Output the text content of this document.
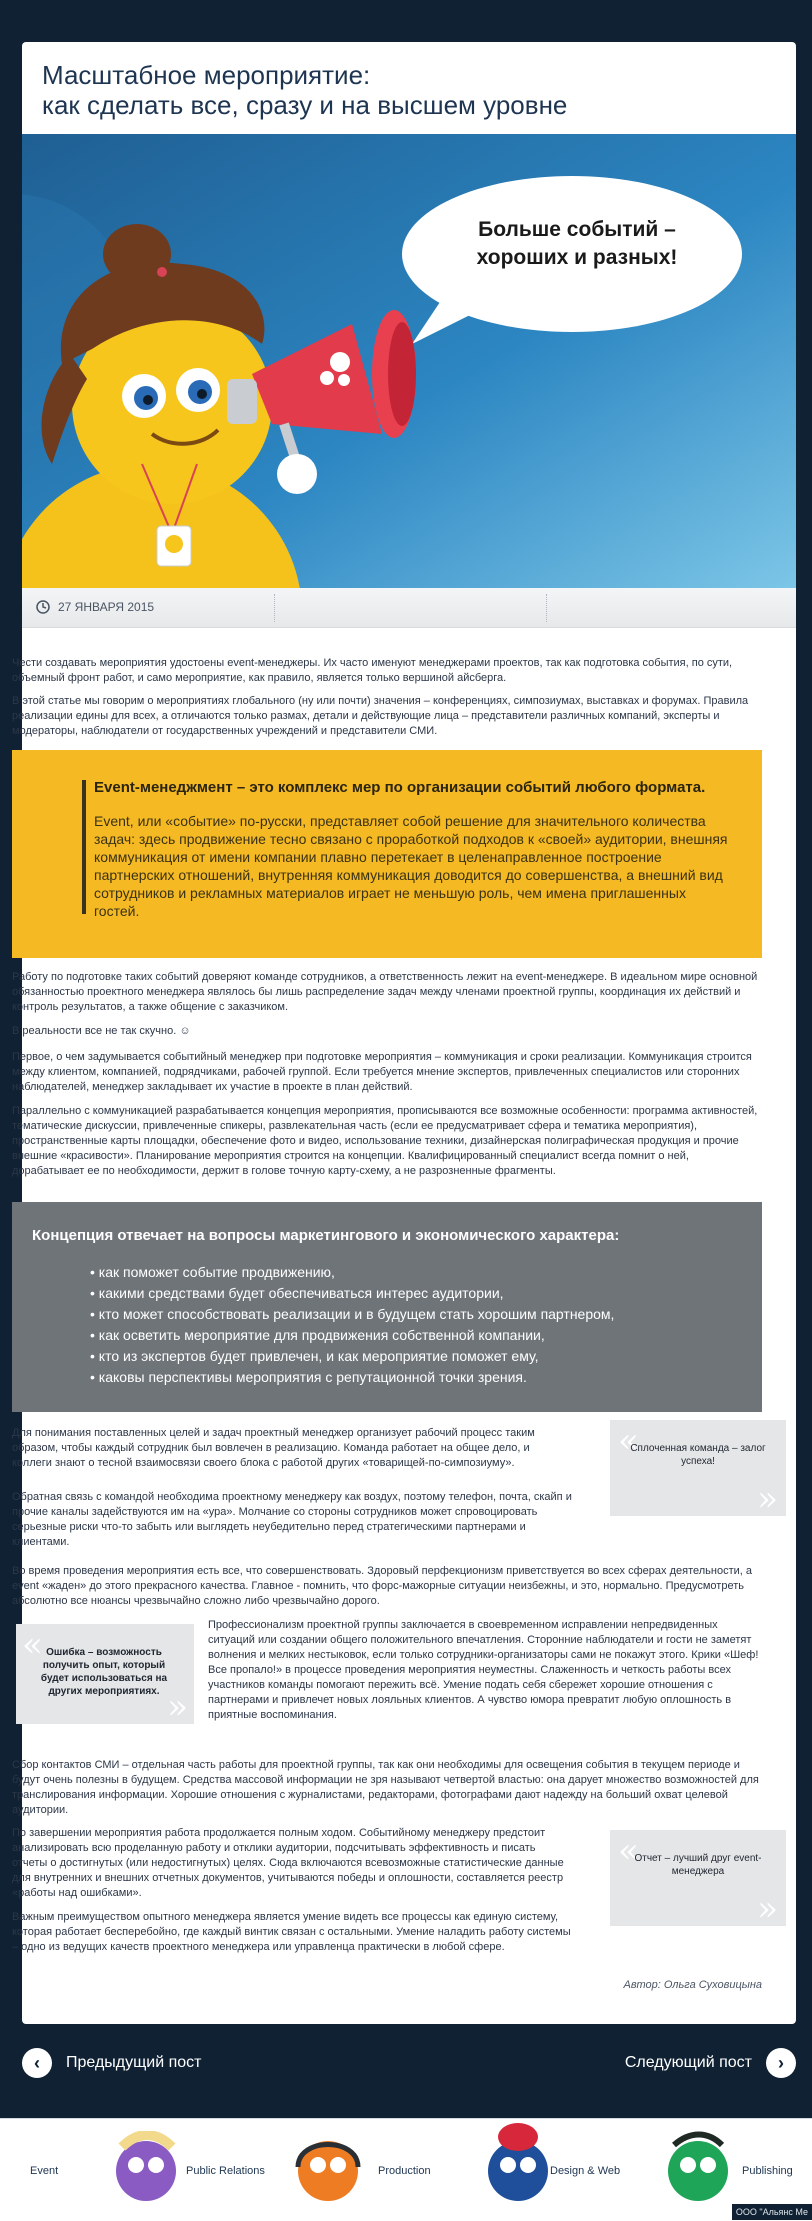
Масштабное мероприятие:
как сделать все, сразу и на высшем уровне
Больше событий –
хороших и разных!
27 ЯНВАРЯ 2015

Чести создавать мероприятия удостоены event-менеджеры. Их часто именуют менеджерами проектов, так как подготовка события, по сути, объемный фронт работ, и само мероприятие, как правило, является только вершиной айсберга.

В этой статье мы говорим о мероприятиях глобального (ну или почти) значения – конференциях, симпозиумах, выставках и форумах. Правила реализации едины для всех, а отличаются только размах, детали и действующие лица – представители различных компаний, эксперты и модераторы, наблюдатели от государственных учреждений и представители СМИ.

Event-менеджмент – это комплекс мер по организации событий любого формата.
Event, или «событие» по-русски, представляет собой решение для значительного количества задач: здесь продвижение тесно связано с проработкой подходов к «своей» аудитории, внешняя коммуникация от имени компании плавно перетекает в целенаправленное построение партнерских отношений, внутренняя коммуникация доводится до совершенства, а внешний вид сотрудников и рекламных материалов играет не меньшую роль, чем имена приглашенных гостей.

Работу по подготовке таких событий доверяют команде сотрудников, а ответственность лежит на event-менеджере. В идеальном мире основной обязанностью проектного менеджера являлось бы лишь распределение задач между членами проектной группы, координация их действий и контроль результатов, а также общение с заказчиком.

В реальности все не так скучно. ☺

Первое, о чем задумывается событийный менеджер при подготовке мероприятия – коммуникация и сроки реализации. Коммуникация строится между клиентом, компанией, подрядчиками, рабочей группой. Если требуется мнение экспертов, привлеченных специалистов или сторонних наблюдателей, менеджер закладывает их участие в проекте в план действий.

Параллельно с коммуникацией разрабатывается концепция мероприятия, прописываются все возможные особенности: программа активностей, тематические дискуссии, привлеченные спикеры, развлекательная часть (если ее предусматривает сфера и тематика мероприятия), пространственные карты площадки, обеспечение фото и видео, использование техники, дизайнерская полиграфическая продукция и прочие внешние «красивости». Планирование мероприятия строится на концепции. Квалифицированный специалист всегда помнит о ней, дорабатывает ее по необходимости, держит в голове точную карту-схему, а не разрозненные фрагменты.

Концепция отвечает на вопросы маркетингового и экономического характера:
• как поможет событие продвижению,
• какими средствами будет обеспечиваться интерес аудитории,
• кто может способствовать реализации и в будущем стать хорошим партнером,
• как осветить мероприятие для продвижения собственной компании,
• кто из экспертов будет привлечен, и как мероприятие поможет ему,
• каковы перспективы мероприятия с репутационной точки зрения.

Для понимания поставленных целей и задач проектный менеджер организует рабочий процесс таким образом, чтобы каждый сотрудник был вовлечен в реализацию. Команда работает на общее дело, и коллеги знают о тесной взаимосвязи своего блока с работой других «товарищей-по-симпозиуму».

«
Сплоченная команда – залог успеха!
»

Обратная связь с командой необходима проектному менеджеру как воздух, поэтому телефон, почта, скайп и прочие каналы задействуются им на «ура». Молчание со стороны сотрудников может спровоцировать серьезные риски что-то забыть или выглядеть неубедительно перед стратегическими партнерами и клиентами.

Во время проведения мероприятия есть все, что совершенствовать. Здоровый перфекционизм приветствуется во всех сферах деятельности, а event «жаден» до этого прекрасного качества. Главное - помнить, что форс-мажорные ситуации неизбежны, и это, нормально. Предусмотреть абсолютно все нюансы чрезвычайно сложно либо чрезвычайно дорого.

« Ошибка – возможность получить опыт, который будет использоваться на других мероприятиях. »

Профессионализм проектной группы заключается в своевременном исправлении непредвиденных ситуаций или создании общего положительного впечатления. Сторонние наблюдатели и гости не заметят волнения и мелких нестыковок, если только сотрудники-организаторы сами не покажут этого. Крики «Шеф! Все пропало!» в процессе проведения мероприятия неуместны. Слаженность и четкость работы всех участников команды помогают пережить всё. Умение подать себя сбережет хорошие отношения с партнерами и привлечет новых лояльных клиентов. А чувство юмора превратит любую оплошность в приятные воспоминания.

Сбор контактов СМИ – отдельная часть работы для проектной группы, так как они необходимы для освещения события в текущем периоде и будут очень полезны в будущем. Средства массовой информации не зря называют четвертой властью: она дарует множество возможностей для транслирования информации. Хорошие отношения с журналистами, редакторами, фотографами дают надежду на больший охват целевой аудитории.

По завершении мероприятия работа продолжается полным ходом. Событийному менеджеру предстоит анализировать всю проделанную работу и отклики аудитории, подсчитывать эффективность и писать отчеты о достигнутых (или недостигнутых) целях. Сюда включаются всевозможные статистические данные для внутренних и внешних отчетных документов, учитываются победы и оплошности, составляется реестр «работы над ошибками».

«
Отчет – лучший друг event-менеджера
»

Важным преимуществом опытного менеджера является умение видеть все процессы как единую систему, которая работает бесперебойно, где каждый винтик связан с остальными. Умение наладить работу системы – одно из ведущих качеств проектного менеджера или управленца практически в любой сфере.

Автор: Ольга Суховицына
‹	Предыдущий пост	Следующий пост	›
Event	Public Relations	Production	Design & Web	Publishing
ООО "Альянс Ме
